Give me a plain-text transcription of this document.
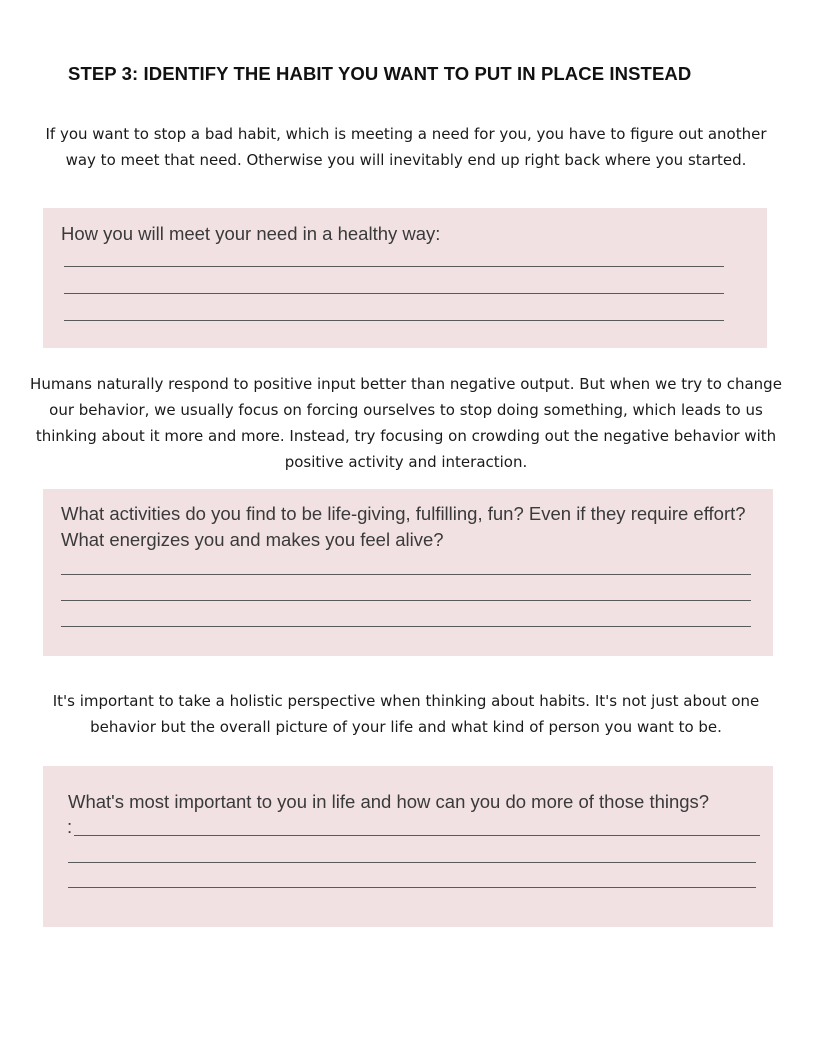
STEP 3: IDENTIFY THE HABIT YOU WANT TO PUT IN PLACE INSTEAD
If you want to stop a bad habit, which is meeting a need for you, you have to figure out another way to meet that need. Otherwise you will inevitably end up right back where you started.
How you will meet your need in a healthy way:
Humans naturally respond to positive input better than negative output. But when we try to change our behavior, we usually focus on forcing ourselves to stop doing something, which leads to us thinking about it more and more. Instead, try focusing on crowding out the negative behavior with positive activity and interaction.
What activities do you find to be life-giving, fulfilling, fun? Even if they require effort? What energizes you and makes you feel alive?
It's important to take a holistic perspective when thinking about habits. It's not just about one behavior but the overall picture of your life and what kind of person you want to be.
What's most important to you in life and how can you do more of those things?
:
